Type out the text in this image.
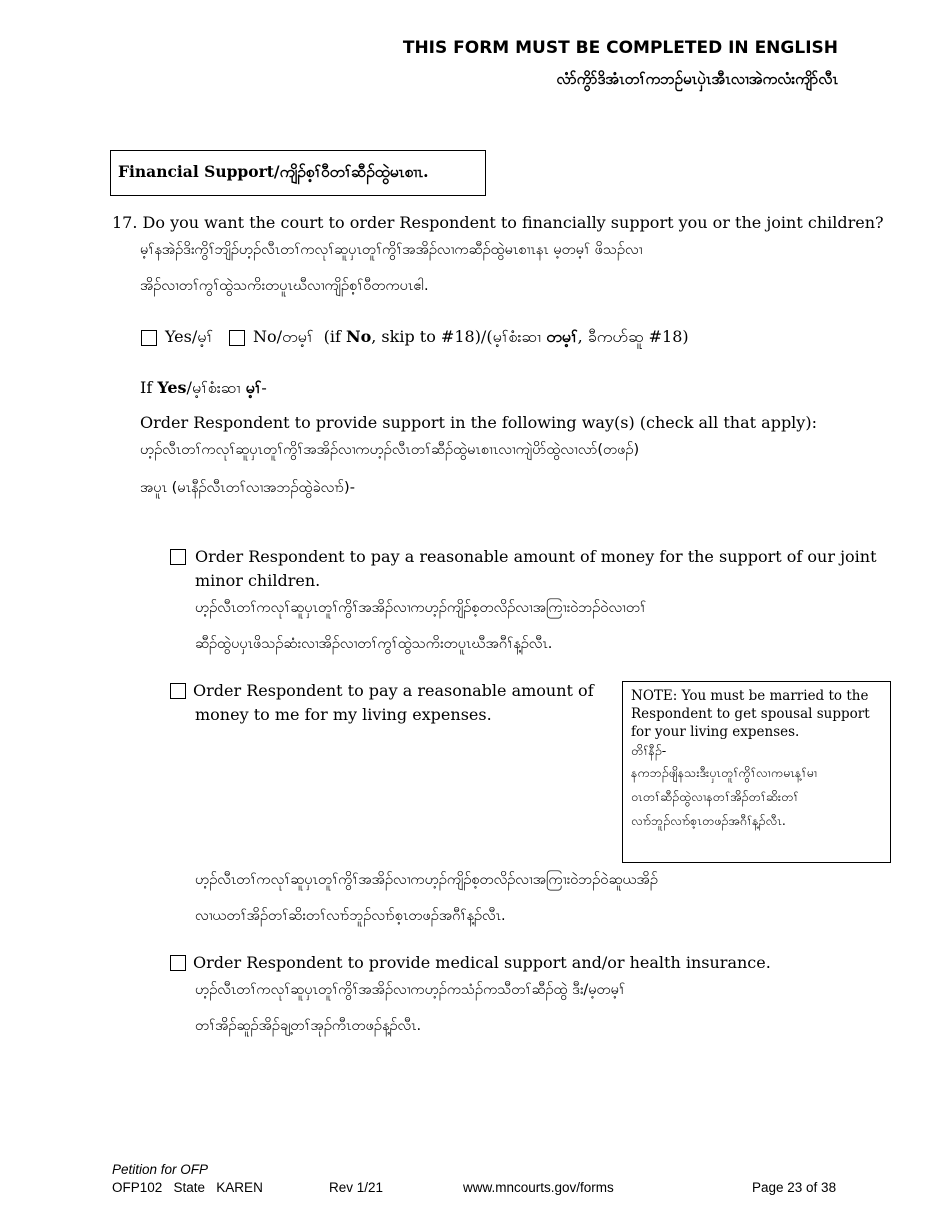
THIS FORM MUST BE COMPLETED IN ENGLISH
လံာ်ကွိာ်ဒိအံၤတၢ်ကဘဉ်မၤပှဲၤအီၤလၢအဲကလံးကျိာ်လီၤ
Financial Support/ကျိၣ်စ့ၢ်ဝီတၢ်ဆီၣ်ထွဲမၤစၢၤ.
17. Do you want the court to order Respondent to financially support you or the joint children?
မ့ၢ်နအဲၣ်ဒိးကွိၢ်ဘျိၣ်ဟ့ၣ်လီၤတၢ်ကလုၢ်ဆူပှၤတူၢ်ကွိၢ်အအိၣ်လၢကဆီၣ်ထွဲမၤစၢၤနၤ မ့တမ့ၢ် ဖိသၣ်လၢ
အိၣ်လၢတၢ်ကွၢ်ထွဲသကိးတပူၤဃီလၢကျိၣ်စ့ၢ်ဝီတကပၤဧါ.
Yes/မ့ၢ် No/တမ့ၢ် (if No, skip to #18)/(မ့ၢ်စံးဆၢ တမ့ၢ်, ခီကဟ်ဆူ #18)
If Yes/မ့ၢ်စံးဆၢ မ့ၢ်-
Order Respondent to provide support in the following way(s) (check all that apply):
ဟ့ၣ်လီၤတၢ်ကလုၢ်ဆူပှၤတူၢ်ကွိၢ်အအိၣ်လၢကဟ့ၣ်လီၤတၢ်ဆီၣ်ထွဲမၤစၢၤလၢကျဲပိာ်ထွဲလၢလာ်(တဖၣ်)
အပူၤ (မၤနီၣ်လီၤတၢ်လၢအဘၣ်ထွဲခဲလၢာ်)-
Order Respondent to pay a reasonable amount of money for the support of our joint
minor children.
ဟ့ၣ်လီၤတၢ်ကလုၢ်ဆူပှၤတူၢ်ကွိၢ်အအိၣ်လၢကဟ့ၣ်ကျိၣ်စ့တလိၣ်လၢအကြၢးဝဲဘၣ်ဝဲလၢတၢ်
ဆီၣ်ထွဲပပှၤဖိသၣ်ဆံးလၢအိၣ်လၢတၢ်ကွၢ်ထွဲသကိးတပူၤဃီအဂီၢ်န့ၣ်လီၤ.
Order Respondent to pay a reasonable amount of
money to me for my living expenses.
NOTE: You must be married to the Respondent to get spousal support for your living expenses.
တိၢ်နီၣ်-
နကဘၣ်ဖျိနသးဒီးပှၤတူၢ်ကွိၢ်လၢကမၤန့ၢ်မၢ
ဝၤတၢ်ဆီၣ်ထွဲလၢနတၢ်အိၣ်တၢ်ဆိးတၢ်
လၢာ်ဘူၣ်လၢာ်စ့ၤတဖၣ်အဂီၢ်န့ၣ်လီၤ.
ဟ့ၣ်လီၤတၢ်ကလုၢ်ဆူပှၤတူၢ်ကွိၢ်အအိၣ်လၢကဟ့ၣ်ကျိၣ်စ့တလိၣ်လၢအကြၢးဝဲဘၣ်ဝဲဆူယအိၣ်
လၢယတၢ်အိၣ်တၢ်ဆိးတၢ်လၢာ်ဘူၣ်လၢာ်စ့ၤတဖၣ်အဂီၢ်န့ၣ်လီၤ.
Order Respondent to provide medical support and/or health insurance.
ဟ့ၣ်လီၤတၢ်ကလုၢ်ဆူပှၤတူၢ်ကွိၢ်အအိၣ်လၢကဟ့ၣ်ကသံၣ်ကသီတၢ်ဆီၣ်ထွဲ ဒီး/မ့တမ့ၢ်
တၢ်အိၣ်ဆူၣ်အိၣ်ချ့တၢ်အုၣ်ကီၤတဖၣ်န့ၣ်လီၤ.
Petition for OFP
OFP102   State   KAREN	Rev 1/21	www.mncourts.gov/forms	Page 23 of 38
